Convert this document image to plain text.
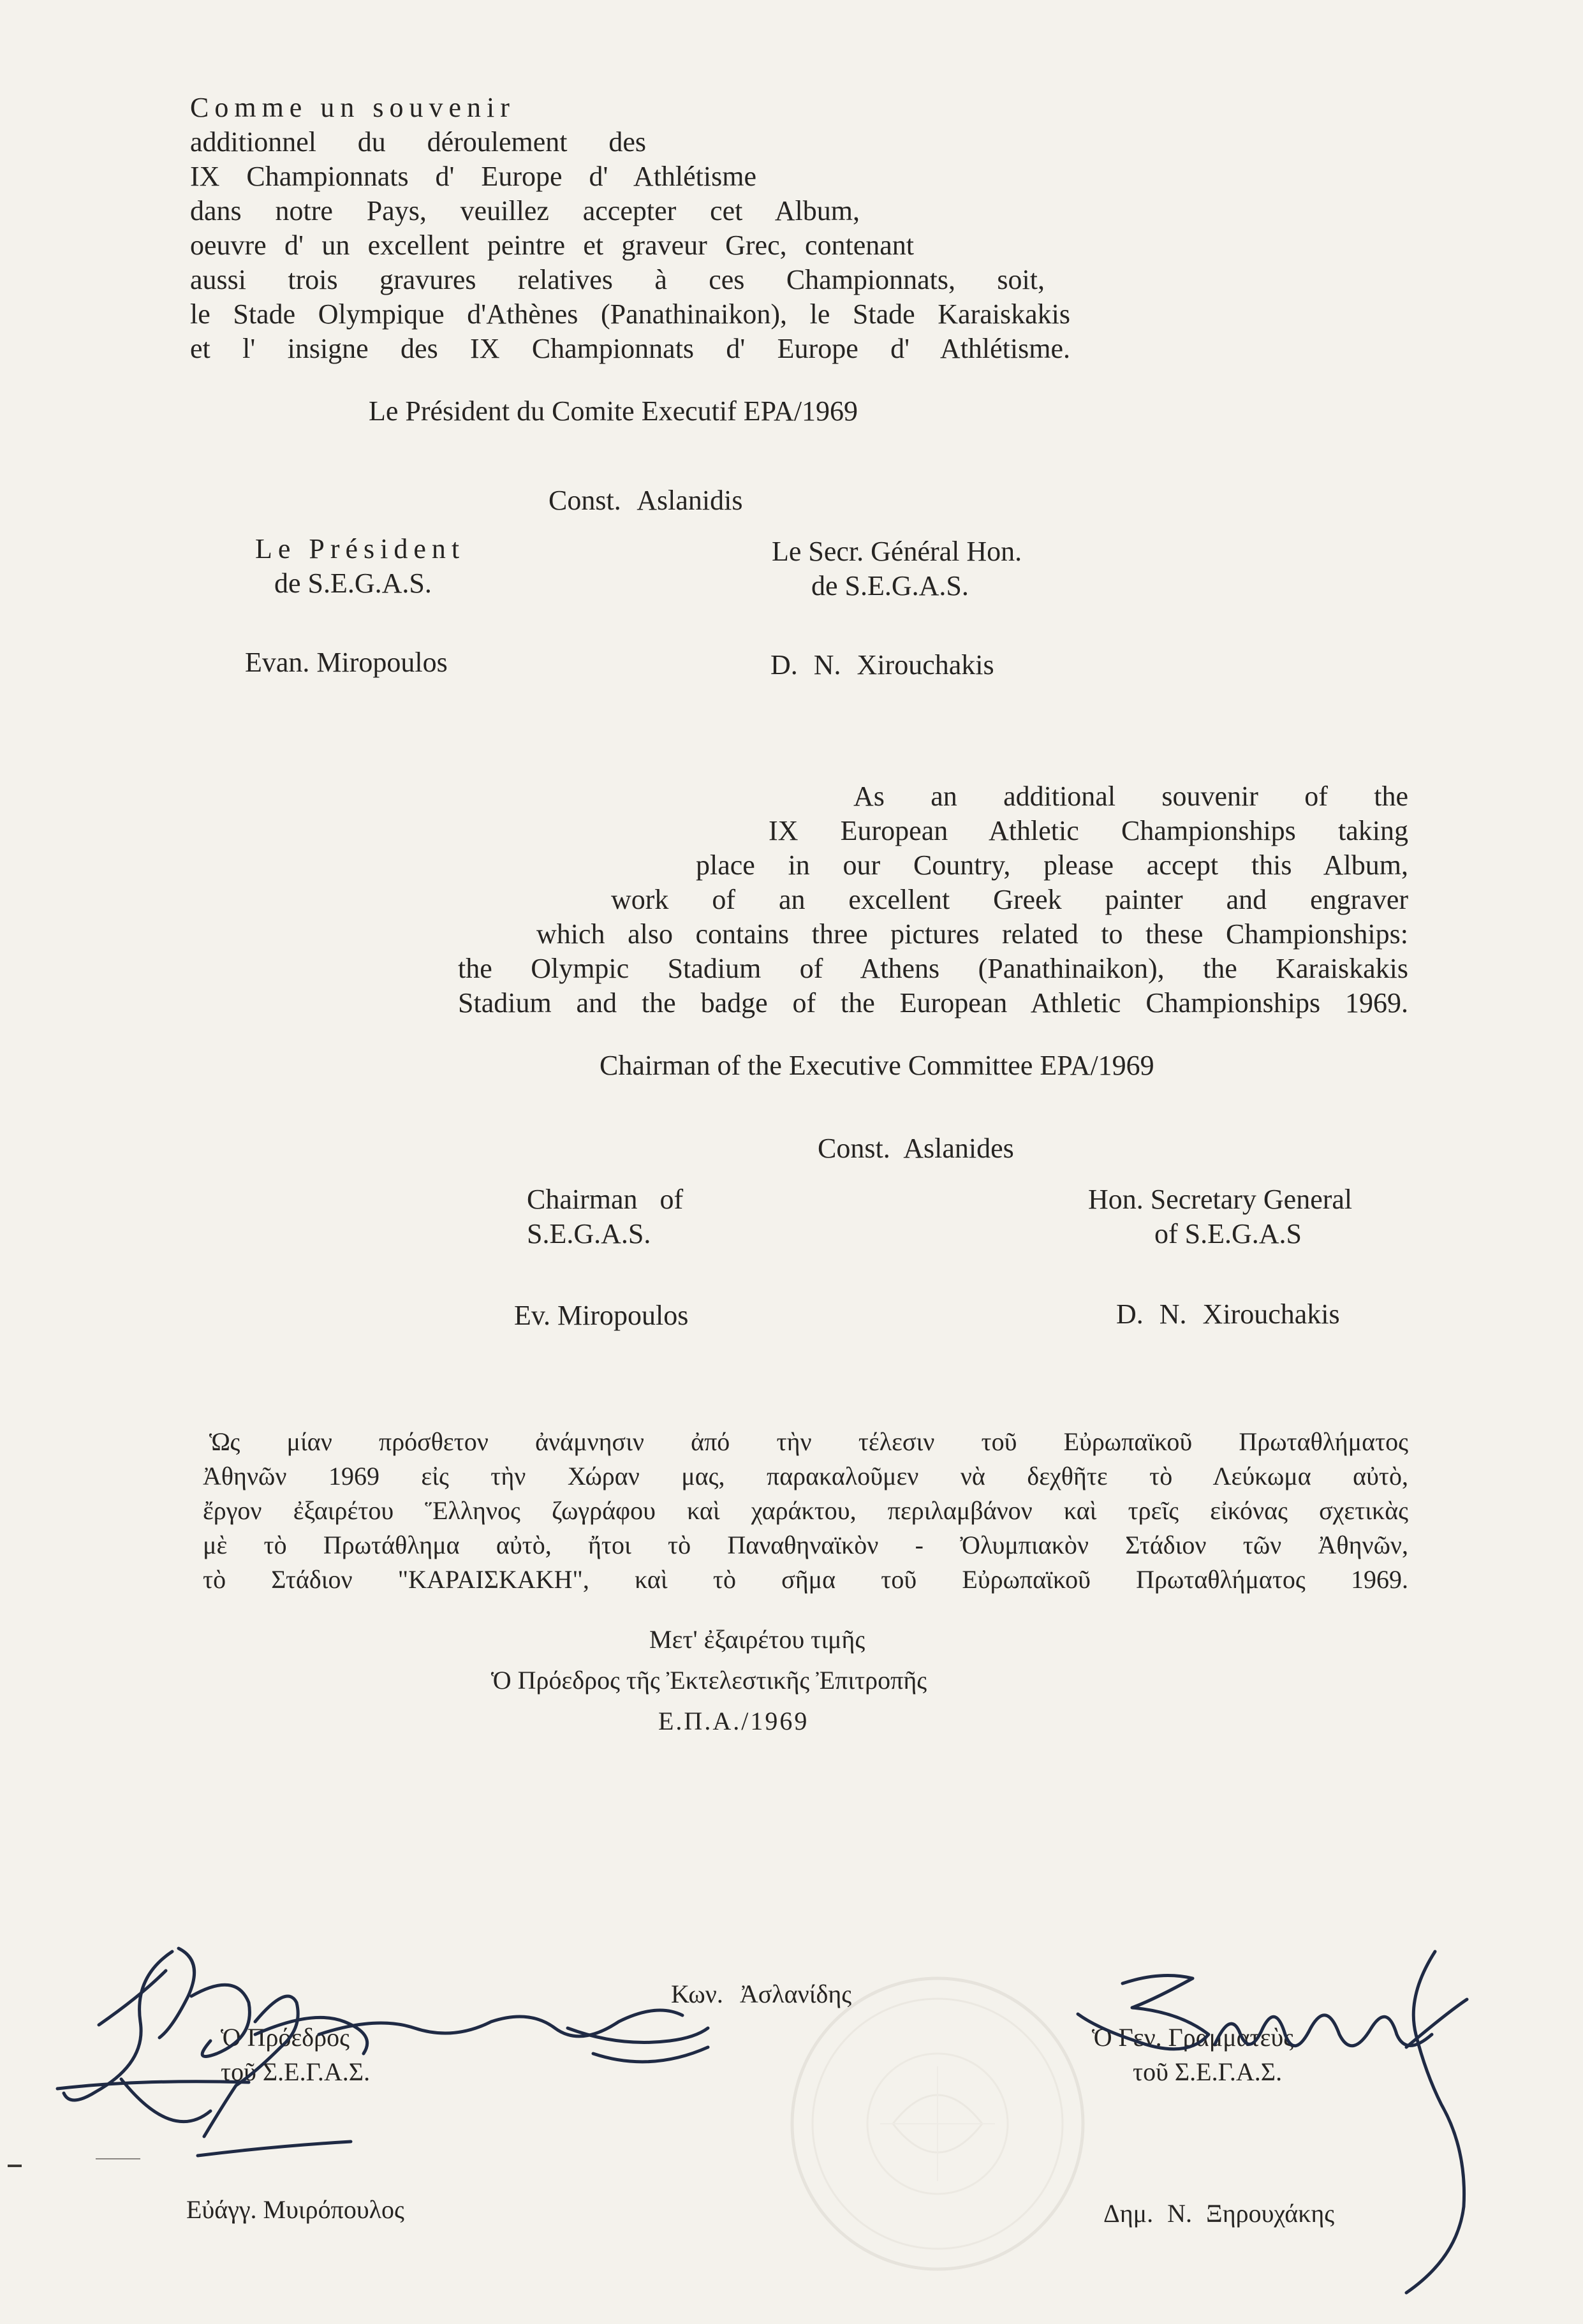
Comme un souvenir
additionnel du déroulement des
IX Championnats d' Europe d' Athlétisme
dans notre Pays, veuillez accepter cet Album,
oeuvre d' un excellent peintre et graveur Grec, contenant
aussi trois gravures relatives à ces Championnats, soit,
le Stade Olympique d'Athènes (Panathinaikon), le Stade Karaiskakis
et l' insigne des IX Championnats d' Europe d' Athlétisme.
Le Président du Comite Executif EPA/1969
Const. Aslanidis
Le Président
de S.E.G.A.S.
Evan. Miropoulos
Le Secr. Général Hon.
de S.E.G.A.S.
D. N. Xirouchakis
As an additional souvenir of the
IX European Athletic Championships taking
place in our Country, please accept this Album,
work of an excellent Greek painter and engraver
which also contains three pictures related to these Championships:
the Olympic Stadium of Athens (Panathinaikon), the Karaiskakis
Stadium and the badge of the European Athletic Championships 1969.
Chairman of the Executive Committee EPA/1969
Const. Aslanides
Chairman of
S.E.G.A.S.
Ev. Miropoulos
Hon. Secretary General
of S.E.G.A.S
D. N. Xirouchakis
Ὡς μίαν πρόσθετον ἀνάμνησιν ἀπό τὴν τέλεσιν τοῦ Εὐρωπαϊκοῦ Πρωταθλήματος
Ἀθηνῶν 1969 εἰς τὴν Χώραν μας, παρακαλοῦμεν νὰ δεχθῆτε τὸ Λεύκωμα αὐτὸ,
ἔργον ἐξαιρέτου Ἕλληνος ζωγράφου καὶ χαράκτου, περιλαμβάνον καὶ τρεῖς εἰκόνας σχετικὰς
μὲ τὸ Πρωτάθλημα αὐτὸ, ἤτοι τὸ Παναθηναϊκὸν - Ὀλυμπιακὸν Στάδιον τῶν Ἀθηνῶν,
τὸ Στάδιον "ΚΑΡΑΙΣΚΑΚΗ", καὶ τὸ σῆμα τοῦ Εὐρωπαϊκοῦ Πρωταθλήματος 1969.
Μετ' ἐξαιρέτου τιμῆς
Ὁ Πρόεδρος τῆς Ἐκτελεστικῆς Ἐπιτροπῆς
Ε.Π.Α./1969
Κων. Ἀσλανίδης
Ὁ Πρόεδρος
τοῦ Σ.Ε.Γ.Α.Σ.
Εὐάγγ. Μυιρόπουλος
Ὁ Γεν. Γραμματεὺς
τοῦ Σ.Ε.Γ.Α.Σ.
Δημ. Ν. Ξηρουχάκης
